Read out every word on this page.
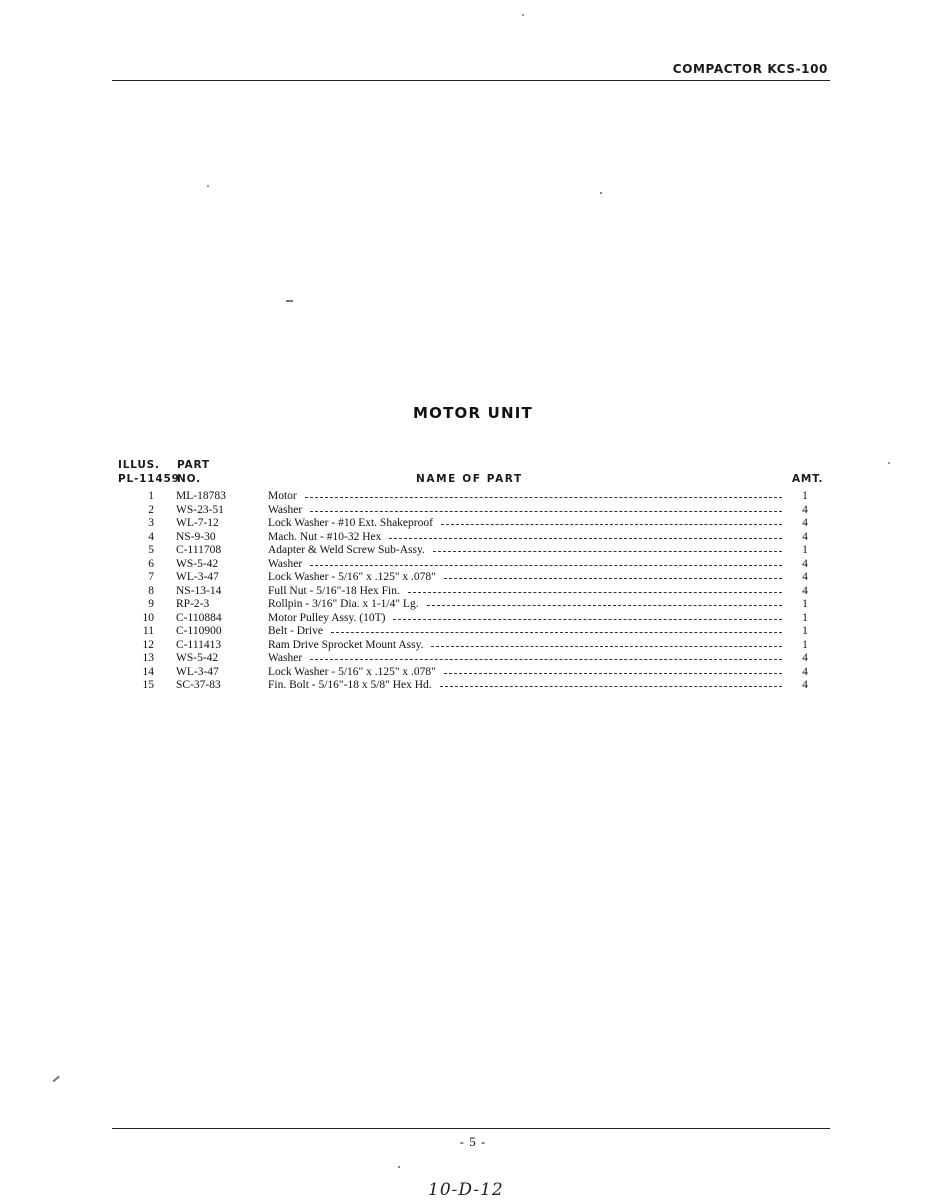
COMPACTOR KCS-100
MOTOR UNIT
ILLUS.
PL-11459
PART
NO.	NAME OF PART	AMT.
1 ML-18783	Motor	1
2 WS-23-51	Washer	4
3 WL-7-12	Lock Washer - #10 Ext. Shakeproof	4
4 NS-9-30	Mach. Nut - #10-32 Hex	4
5 C-111708	Adapter & Weld Screw Sub-Assy.	1
6 WS-5-42	Washer	4
7 WL-3-47	Lock Washer - 5/16" x .125" x .078"	4
8 NS-13-14	Full Nut - 5/16"-18 Hex Fin.	4
9 RP-2-3	Rollpin - 3/16" Dia. x 1-1/4" Lg.	1
10 C-110884	Motor Pulley Assy. (10T)	1
11 C-110900	Belt - Drive	1
12 C-111413	Ram Drive Sprocket Mount Assy.	1
13 WS-5-42	Washer	4
14 WL-3-47	Lock Washer - 5/16" x .125" x .078"	4
15 SC-37-83	Fin. Bolt - 5/16"-18 x 5/8" Hex Hd.	4
- 5 -
10-D-12
